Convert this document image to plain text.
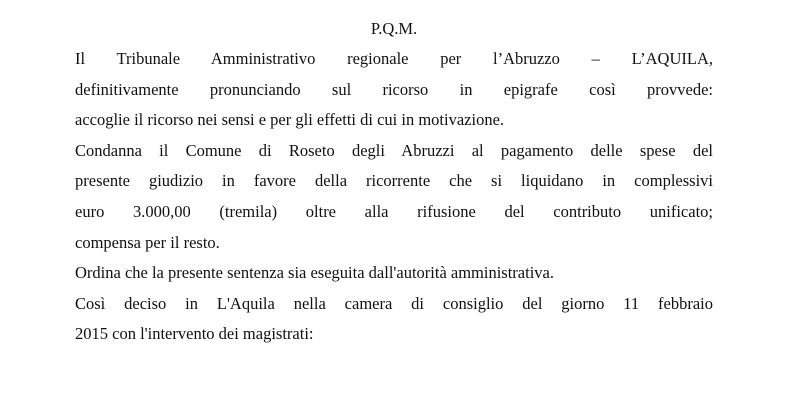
P.Q.M.

Il Tribunale Amministrativo regionale per l’Abruzzo – L’AQUILA,
definitivamente pronunciando sul ricorso in epigrafe così provvede:
accoglie il ricorso nei sensi e per gli effetti di cui in motivazione.

Condanna il Comune di Roseto degli Abruzzi al pagamento delle spese del
presente giudizio in favore della ricorrente che si liquidano in complessivi
euro 3.000,00 (tremila) oltre alla rifusione del contributo unificato;
compensa per il resto.

Ordina che la presente sentenza sia eseguita dall'autorità amministrativa.

Così deciso in L'Aquila nella camera di consiglio del giorno 11 febbraio
2015 con l'intervento dei magistrati:
